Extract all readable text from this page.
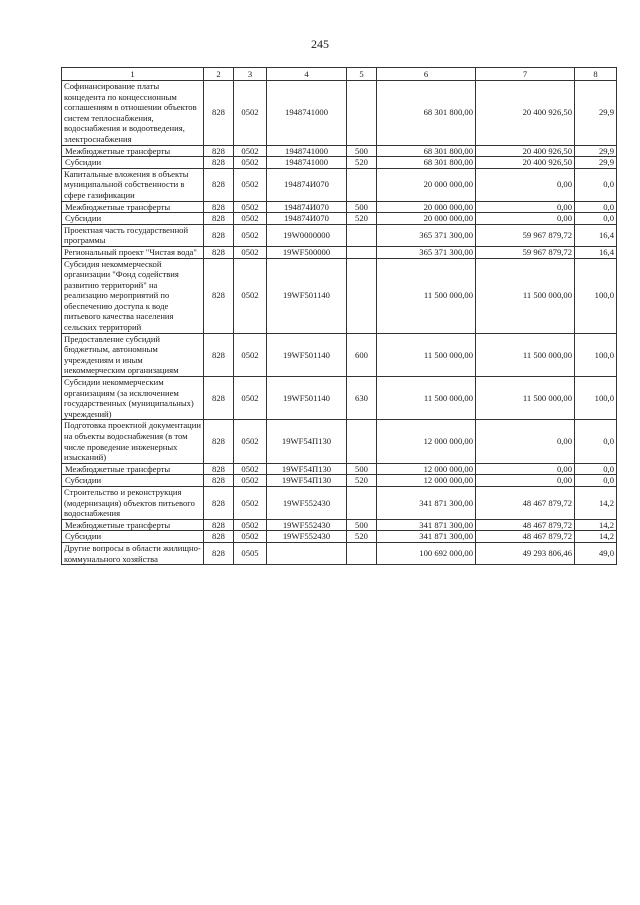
245
1	2	3	4	5	6	7	8
Софинансирование платы концедента по концессионным соглашениям в отношении объектов систем теплоснабжения, водоснабжения и водоотведения, электроснабжения	828	0502	1948741000		68 301 800,00	20 400 926,50	29,9
Межбюджетные трансферты	828	0502	1948741000	500	68 301 800,00	20 400 926,50	29,9
Субсидии	828	0502	1948741000	520	68 301 800,00	20 400 926,50	29,9
Капитальные вложения в объекты муниципальной собственности в сфере газификации	828	0502	194874И070		20 000 000,00	0,00	0,0
Межбюджетные трансферты	828	0502	194874И070	500	20 000 000,00	0,00	0,0
Субсидии	828	0502	194874И070	520	20 000 000,00	0,00	0,0
Проектная часть государственной программы	828	0502	19W0000000		365 371 300,00	59 967 879,72	16,4
Региональный проект "Чистая вода"	828	0502	19WF500000		365 371 300,00	59 967 879,72	16,4
Субсидия некоммерческой организации "Фонд содействия развитию территорий" на реализацию мероприятий по обеспечению доступа к воде питьевого качества населения сельских территорий	828	0502	19WF501140		11 500 000,00	11 500 000,00	100,0
Предоставление субсидий бюджетным, автономным учреждениям и иным некоммерческим организациям	828	0502	19WF501140	600	11 500 000,00	11 500 000,00	100,0
Субсидии некоммерческим организациям (за исключением государственных (муниципальных) учреждений)	828	0502	19WF501140	630	11 500 000,00	11 500 000,00	100,0
Подготовка проектной документации на объекты водоснабжения (в том числе проведение инженерных изысканий)	828	0502	19WF54П130		12 000 000,00	0,00	0,0
Межбюджетные трансферты	828	0502	19WF54П130	500	12 000 000,00	0,00	0,0
Субсидии	828	0502	19WF54П130	520	12 000 000,00	0,00	0,0
Строительство и реконструкция (модернизация) объектов питьевого водоснабжения	828	0502	19WF552430		341 871 300,00	48 467 879,72	14,2
Межбюджетные трансферты	828	0502	19WF552430	500	341 871 300,00	48 467 879,72	14,2
Субсидии	828	0502	19WF552430	520	341 871 300,00	48 467 879,72	14,2
Другие вопросы в области жилищно-коммунального хозяйства	828	0505			100 692 000,00	49 293 806,46	49,0
